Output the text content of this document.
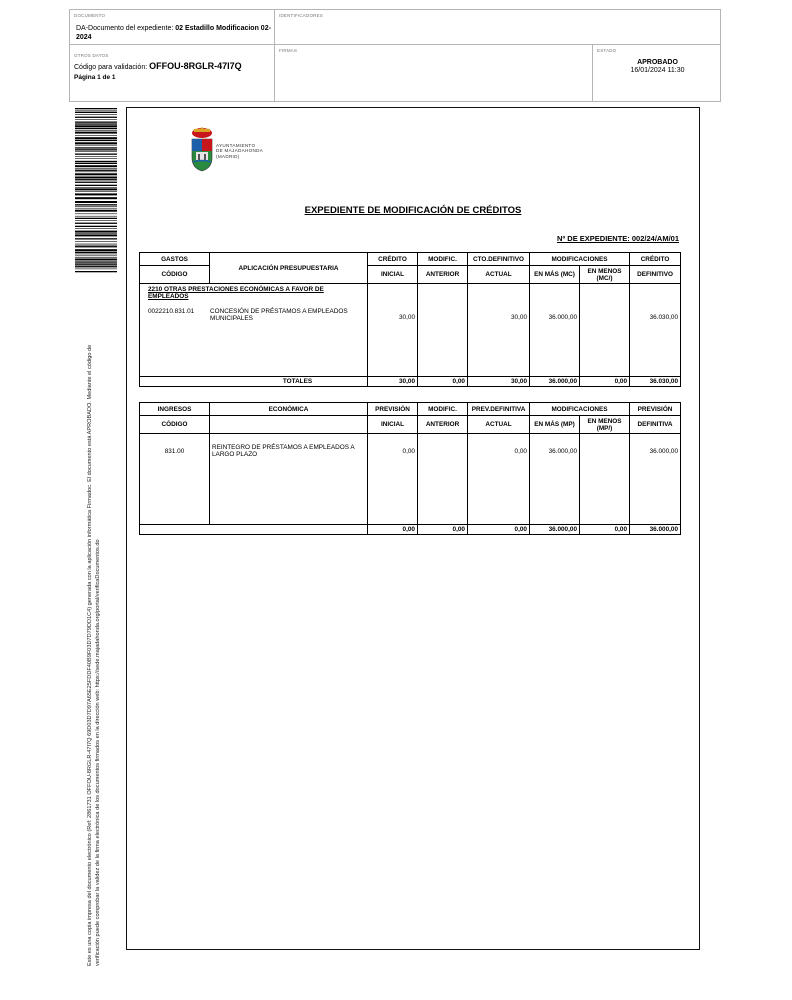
DOCUMENTO
DA-Documento del expediente: 02 Estadillo Modificacion 02-2024
IDENTIFICADORES
OTROS DATOS
Código para validación: OFFOU-8RGLR-47I7Q
Página 1 de 1
FIRMAS	ESTADO
APROBADO
16/01/2024 11:30
Este es una copia impresa del documento electrónico (Ref: 2861731 OFFOU-8RGLR-47I7Q 69D03D7D97A65E25FDDF40B9F03D7D79DD1C4) generada con la aplicación informática Firmadoc. El documento está APROBADO. Mediante el código de verificación puede comprobar la validez de la firma electrónica de los documentos firmados en la dirección web: https://sede.majadahonda.org/portal/verificaDocumentos.do
AYUNTAMIENTO
DE MAJADAHONDA
(MADRID)
EXPEDIENTE DE MODIFICACIÓN DE CRÉDITOS
Nº DE EXPEDIENTE: 002/24/AM/01
GASTOS	APLICACIÓN PRESUPUESTARIA	CRÉDITO	MODIFIC.	CTO.DEFINITIVO	MODIFICACIONES		CRÉDITO
CÓDIGO		INICIAL	ANTERIOR	ACTUAL	EN MÁS (MC)	EN MENOS (MC/)	DEFINITIVO

2210 OTRAS PRESTACIONES ECONÓMICAS A FAVOR DE EMPLEADOS
0022210.831.01 CONCESIÓN DE PRÉSTAMOS A EMPLEADOS MUNICIPALES		30,00		30,00	36.000,00		36.030,00

TOTALES		30,00	0,00	30,00	36.000,00	0,00	36.030,00
INGRESOS	ECONÓMICA	PREVISIÓN	MODIFIC.	PREV.DEFINITIVA	MODIFICACIONES		PREVISIÓN
CÓDIGO		INICIAL	ANTERIOR	ACTUAL	EN MÁS (MP)	EN MENOS (MP/)	DEFINITIVA
831.00	REINTEGRO DE PRÉSTAMOS A EMPLEADOS A LARGO PLAZO	0,00		0,00	36.000,00		36.000,00
		0,00	0,00	0,00	36.000,00	0,00	36.000,00
